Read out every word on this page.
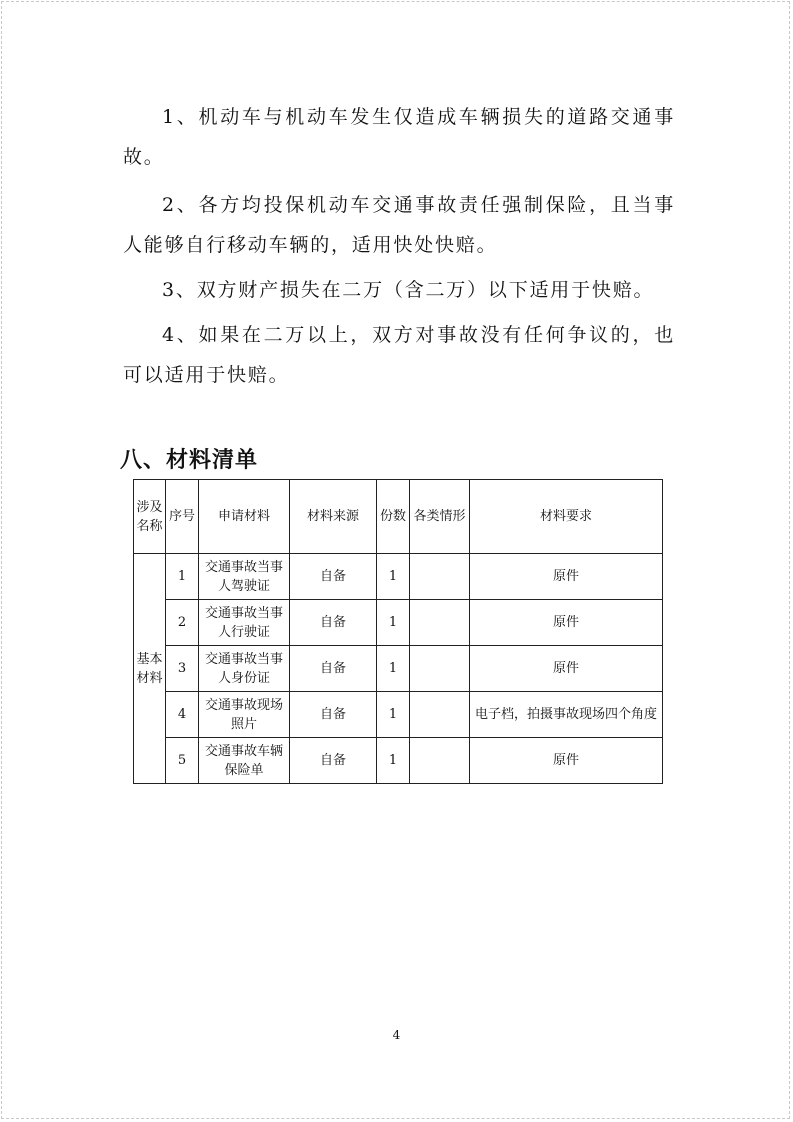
1、机动车与机动车发生仅造成车辆损失的道路交通事故。

2、各方均投保机动车交通事故责任强制保险，且当事人能够自行移动车辆的，适用快处快赔。

3、双方财产损失在二万（含二万）以下适用于快赔。

4、如果在二万以上，双方对事故没有任何争议的，也可以适用于快赔。

八、材料清单
涉及名称	序号	申请材料	材料来源	份数	各类情形	材料要求
基本材料	1	交通事故当事人驾驶证	自备	1		原件
	2	交通事故当事人行驶证	自备	1		原件
	3	交通事故当事人身份证	自备	1		原件
	4	交通事故现场照片	自备	1		电子档，拍摄事故现场四个角度
	5	交通事故车辆保险单	自备	1		原件
4
